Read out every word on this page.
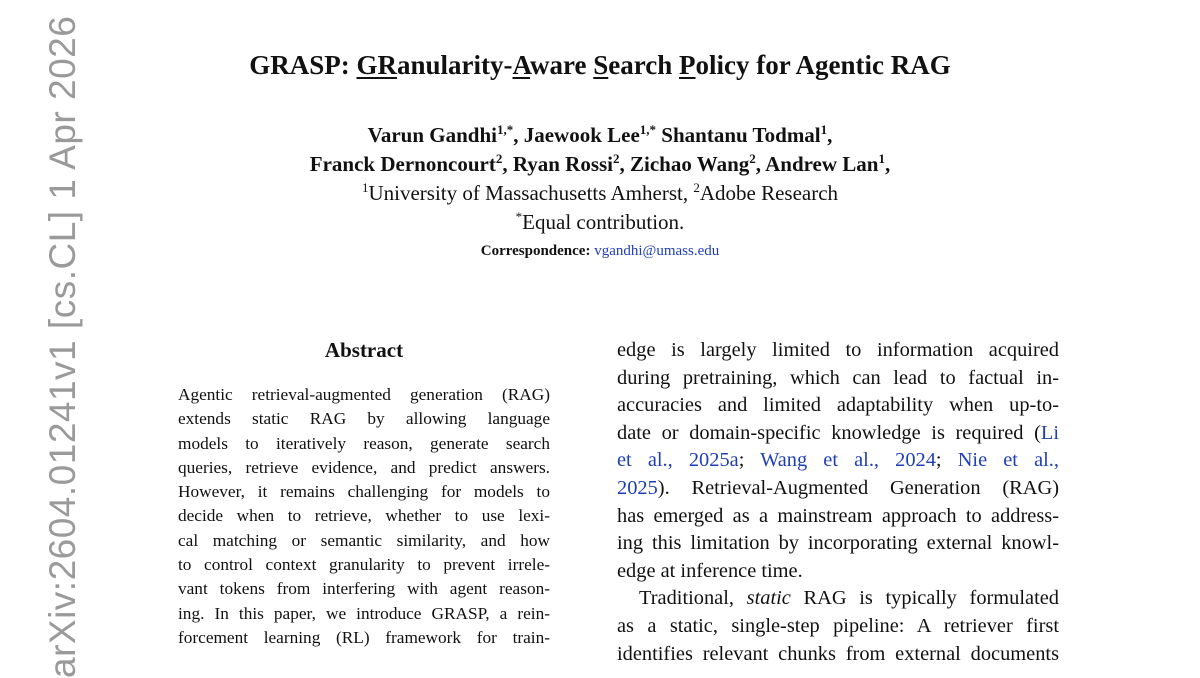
GRASP: GRanularity-Aware Search Policy for Agentic RAG
Varun Gandhi$^{1,*}$, Jaewook Lee$^{1,*}$ Shantanu Todmal$^1$,
Franck Dernoncourt$^2$, Ryan Rossi$^2$, Zichao Wang$^2$, Andrew Lan$^1$,
$^1$University of Massachusetts Amherst, $^2$Adobe Research
*Equal contribution.
Correspondence: vgandhi@umass.edu
Abstract
Agentic retrieval-augmented generation (RAG)
extends static RAG by allowing language
models to iteratively reason, generate search
queries, retrieve evidence, and predict answers.
However, it remains challenging for models to
decide when to retrieve, whether to use lexi-
cal matching or semantic similarity, and how
to control context granularity to prevent irrele-
vant tokens from interfering with agent reason-
ing. In this paper, we introduce GRASP, a rein-
forcement learning (RL) framework for train-
edge is largely limited to information acquired
during pretraining, which can lead to factual in-
accuracies and limited adaptability when up-to-
date or domain-specific knowledge is required (Li
et al., 2025a; Wang et al., 2024; Nie et al.,
2025). Retrieval-Augmented Generation (RAG)
has emerged as a mainstream approach to address-
ing this limitation by incorporating external knowl-
edge at inference time.
Traditional, static RAG is typically formulated
as a static, single-step pipeline: A retriever first
identifies relevant chunks from external documents
arXiv:2604.01241v1 [cs.CL] 1 Apr 2026
